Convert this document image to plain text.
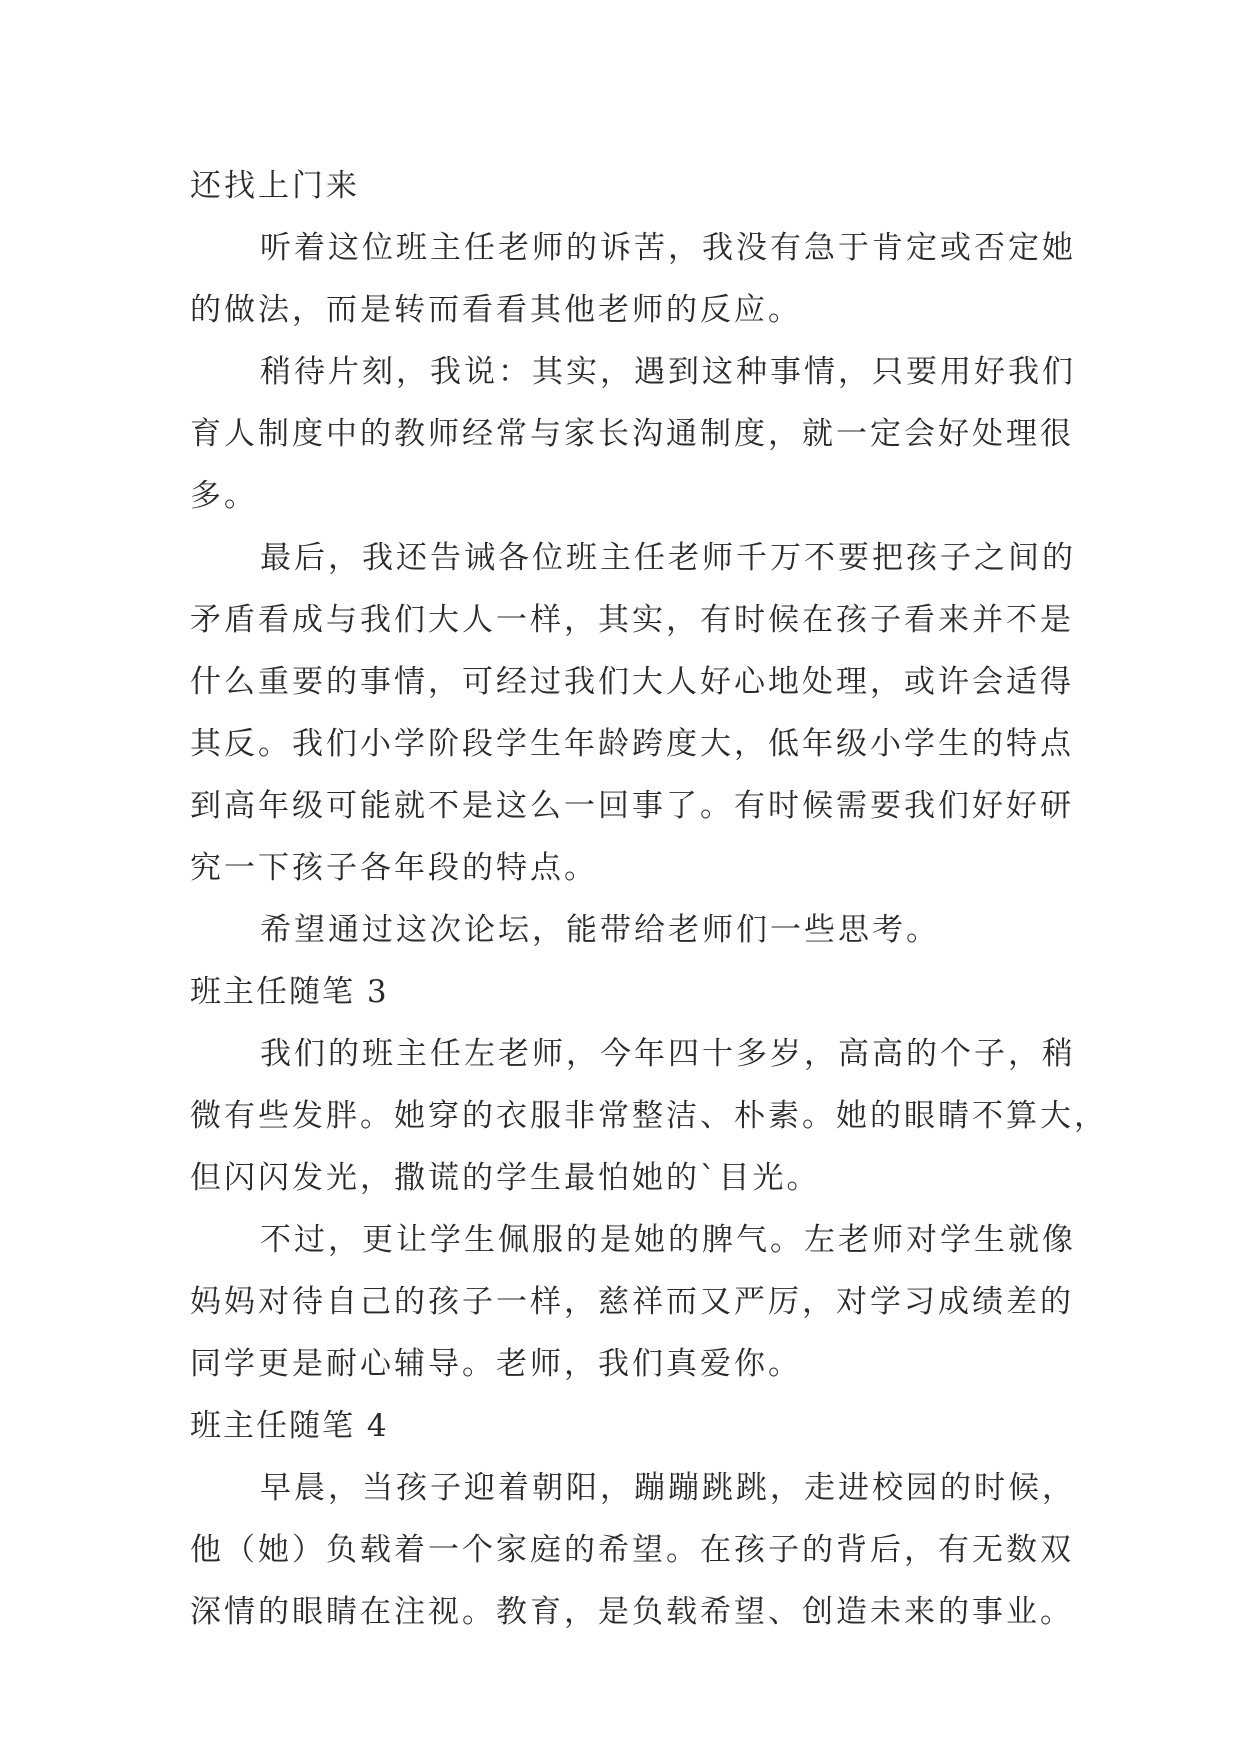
还找上门来
听着这位班主任老师的诉苦，我没有急于肯定或否定她
的做法，而是转而看看其他老师的反应。
稍待片刻，我说：其实，遇到这种事情，只要用好我们
育人制度中的教师经常与家长沟通制度，就一定会好处理很
多。
最后，我还告诫各位班主任老师千万不要把孩子之间的
矛盾看成与我们大人一样，其实，有时候在孩子看来并不是
什么重要的事情，可经过我们大人好心地处理，或许会适得
其反。我们小学阶段学生年龄跨度大，低年级小学生的特点
到高年级可能就不是这么一回事了。有时候需要我们好好研
究一下孩子各年段的特点。
希望通过这次论坛，能带给老师们一些思考。
班主任随笔 3
我们的班主任左老师，今年四十多岁，高高的个子，稍
微有些发胖。她穿的衣服非常整洁、朴素。她的眼睛不算大，
但闪闪发光，撒谎的学生最怕她的`目光。
不过，更让学生佩服的是她的脾气。左老师对学生就像
妈妈对待自己的孩子一样，慈祥而又严厉，对学习成绩差的
同学更是耐心辅导。老师，我们真爱你。
班主任随笔 4
早晨，当孩子迎着朝阳，蹦蹦跳跳，走进校园的时候，
他（她）负载着一个家庭的希望。在孩子的背后，有无数双
深情的眼睛在注视。教育，是负载希望、创造未来的事业。
